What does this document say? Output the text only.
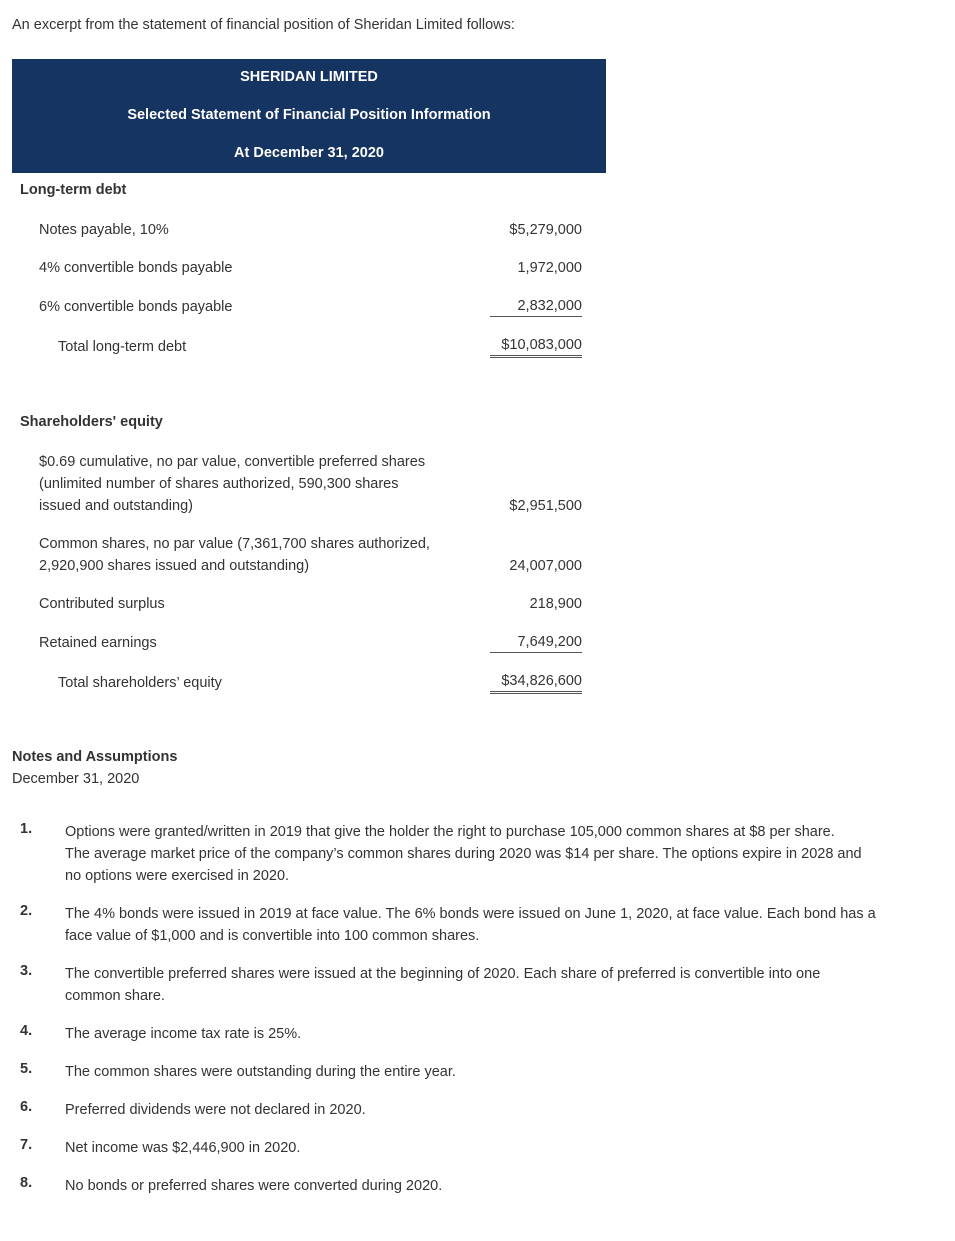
An excerpt from the statement of financial position of Sheridan Limited follows:
SHERIDAN LIMITED
Selected Statement of Financial Position Information
At December 31, 2020
Long-term debt
Notes payable, 10%	$5,279,000
4% convertible bonds payable	1,972,000
6% convertible bonds payable	2,832,000
Total long-term debt	$10,083,000
Shareholders' equity
$0.69 cumulative, no par value, convertible preferred shares
(unlimited number of shares authorized, 590,300 shares
issued and outstanding)	$2,951,500
Common shares, no par value (7,361,700 shares authorized,
2,920,900 shares issued and outstanding)	24,007,000
Contributed surplus	218,900
Retained earnings	7,649,200
Total shareholders’ equity	$34,826,600
Notes and Assumptions
December 31, 2020
1.	Options were granted/written in 2019 that give the holder the right to purchase 105,000 common shares at $8 per share.
The average market price of the company’s common shares during 2020 was $14 per share. The options expire in 2028 and
no options were exercised in 2020.
2.	The 4% bonds were issued in 2019 at face value. The 6% bonds were issued on June 1, 2020, at face value. Each bond has a
face value of $1,000 and is convertible into 100 common shares.
3.	The convertible preferred shares were issued at the beginning of 2020. Each share of preferred is convertible into one
common share.
4.	The average income tax rate is 25%.
5.	The common shares were outstanding during the entire year.
6.	Preferred dividends were not declared in 2020.
7.	Net income was $2,446,900 in 2020.
8.	No bonds or preferred shares were converted during 2020.
